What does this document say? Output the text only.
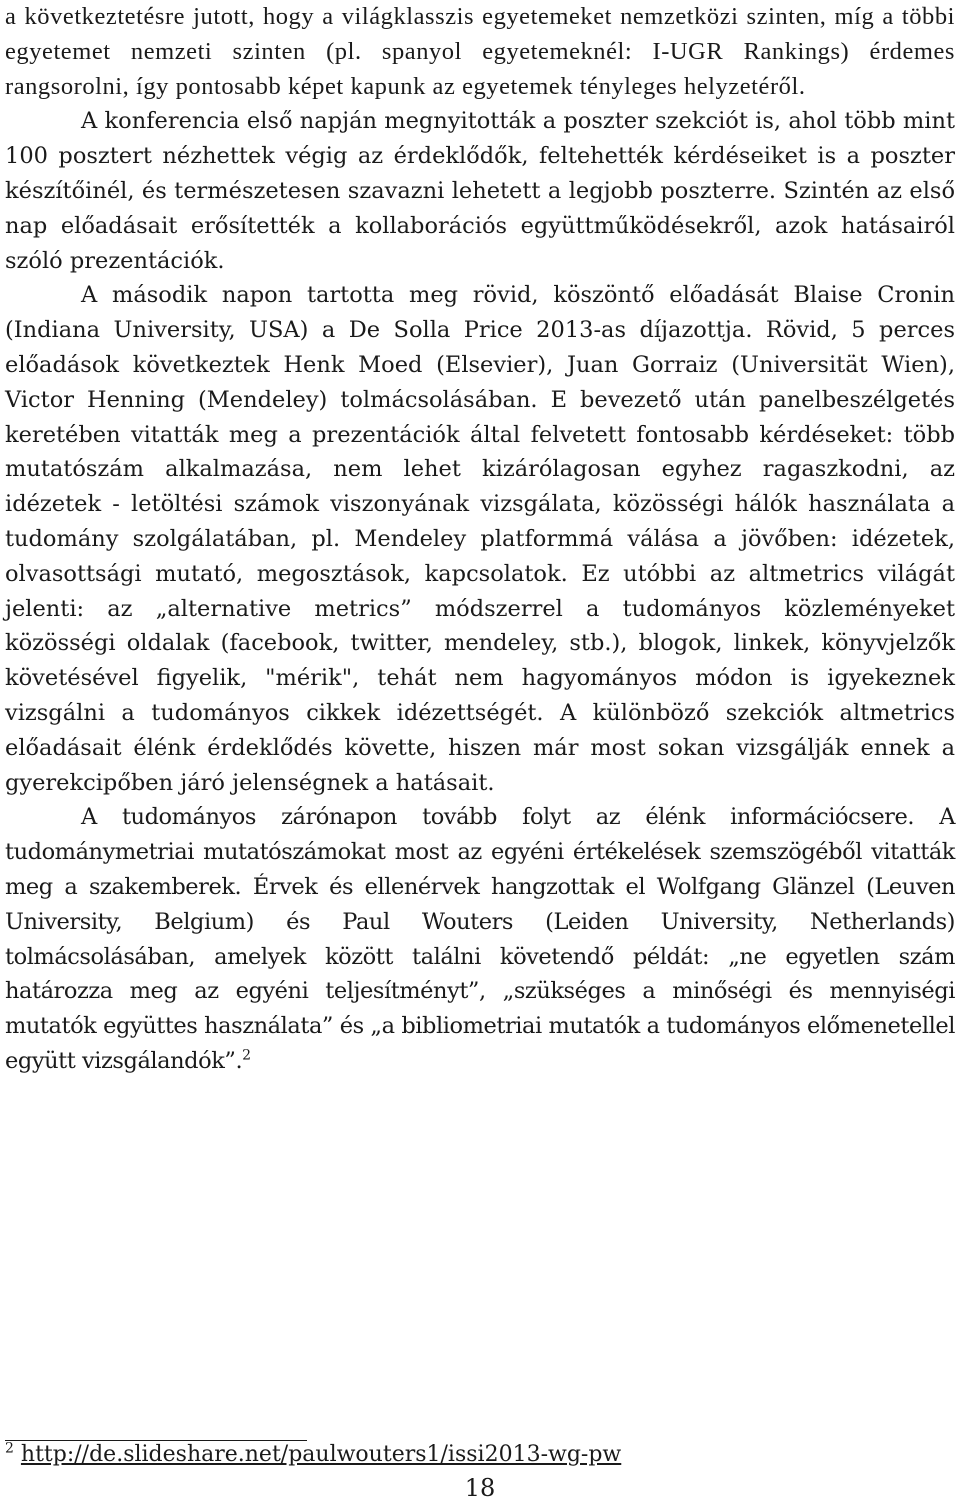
a következtetésre jutott, hogy a világklasszis egyetemeket nemzetközi szinten, míg a többi egyetemet nemzeti szinten (pl. spanyol egyetemeknél: I-UGR Rankings) érdemes rangsorolni, így pontosabb képet kapunk az egyetemek tényleges helyzetéről.

A konferencia első napján megnyitották a poszter szekciót is, ahol több mint 100 posztert nézhettek végig az érdeklődők, feltehették kérdéseiket is a poszter készítőinél, és természetesen szavazni lehetett a legjobb poszterre. Szintén az első nap előadásait erősítették a kollaborációs együttműködésekről, azok hatásairól szóló prezentációk.

A második napon tartotta meg rövid, köszöntő előadását Blaise Cronin (Indiana University, USA) a De Solla Price 2013-as díjazottja. Rövid, 5 perces előadások következtek Henk Moed (Elsevier), Juan Gorraiz (Universität Wien), Victor Henning (Mendeley) tolmácsolásában. E bevezető után panelbeszélgetés keretében vitatták meg a prezentációk által felvetett fontosabb kérdéseket: több mutatószám alkalmazása, nem lehet kizárólagosan egyhez ragaszkodni, az idézetek - letöltési számok viszonyának vizsgálata, közösségi hálók használata a tudomány szolgálatában, pl. Mendeley platformmá válása a jövőben: idézetek, olvasottsági mutató, megosztások, kapcsolatok. Ez utóbbi az altmetrics világát jelenti: az „alternative metrics” módszerrel a tudományos közleményeket közösségi oldalak (facebook, twitter, mendeley, stb.), blogok, linkek, könyvjelzők követésével figyelik, "mérik", tehát nem hagyományos módon is igyekeznek vizsgálni a tudományos cikkek idézettségét. A különböző szekciók altmetrics előadásait élénk érdeklődés követte, hiszen már most sokan vizsgálják ennek a gyerekcipőben járó jelenségnek a hatásait.

A tudományos zárónapon tovább folyt az élénk információcsere. A tudománymetriai mutatószámokat most az egyéni értékelések szemszögéből vitatták meg a szakemberek. Érvek és ellenérvek hangzottak el Wolfgang Glänzel (Leuven University, Belgium) és Paul Wouters (Leiden University, Netherlands) tolmácsolásában, amelyek között találni követendő példát: „ne egyetlen szám határozza meg az egyéni teljesítményt”, „szükséges a minőségi és mennyiségi mutatók együttes használata” és „a bibliometriai mutatók a tudományos előmenetellel együtt vizsgálandók”.$^2$

$^2$ http://de.slideshare.net/paulwouters1/issi2013-wg-pw
18
